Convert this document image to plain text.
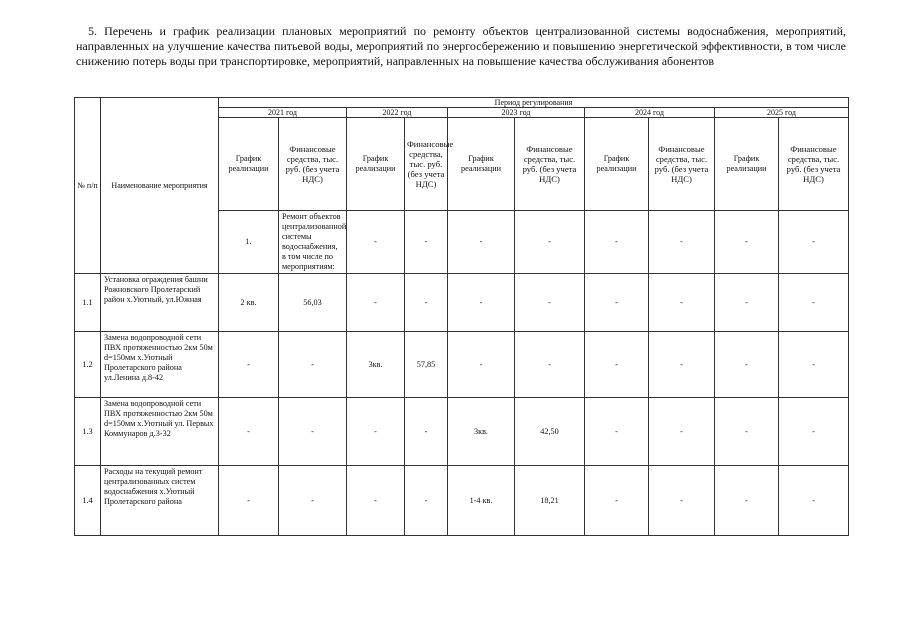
5. Перечень и график реализации плановых мероприятий по ремонту объектов централизованной системы водоснабжения, мероприятий, направленных на улучшение качества питьевой воды, мероприятий по энергосбережению и повышению энергетической эффективности, в том числе снижению потерь воды при транспортировке, мероприятий, направленных на повышение качества обслуживания абонентов
№ п/п	Наименование мероприятия	Период регулирования										
		2021 год		2022 год		2023 год		2024 год		2025 год		
		График реализации	Финансовые средства, тыс. руб. (без учета НДС)	График реализации	Финансовые средства, тыс. руб. (без учета НДС)	График реализации	Финансовые средства, тыс. руб. (без учета НДС)	График реализации	Финансовые средства, тыс. руб. (без учета НДС)	График реализации	Финансовые средства, тыс. руб. (без учета НДС)	
		1.	Ремонт объектов централизованной системы водоснабжения, в том числе по мероприятиям:	-	-	-	-	-	-	-	-		
1.1	Установка ограждения башни Рожновского Пролетарский район х.Уютный, ул.Южная	2 кв.	56,03	-	-	-	-	-	-	-	-	
1.2	Замена водопроводной сети ПВХ протяженностью 2км 50м d=150мм х.Уютный Пролетарского района ул.Ленина д.8-42	-	-	3кв.	57,85	-	-	-	-	-	-	
1.3	Замена водопроводной сети ПВХ протяженностью 2км 50м d=150мм х.Уютный ул. Первых Коммунаров д.3-32	-	-	-	-	3кв.	42,50	-	-	-	-	
1.4	Расходы на текущий ремонт централизованных систем водоснабжения х.Уютный Пролетарского района	-	-	-	-	1-4 кв.	18,21	-	-	-	-	
